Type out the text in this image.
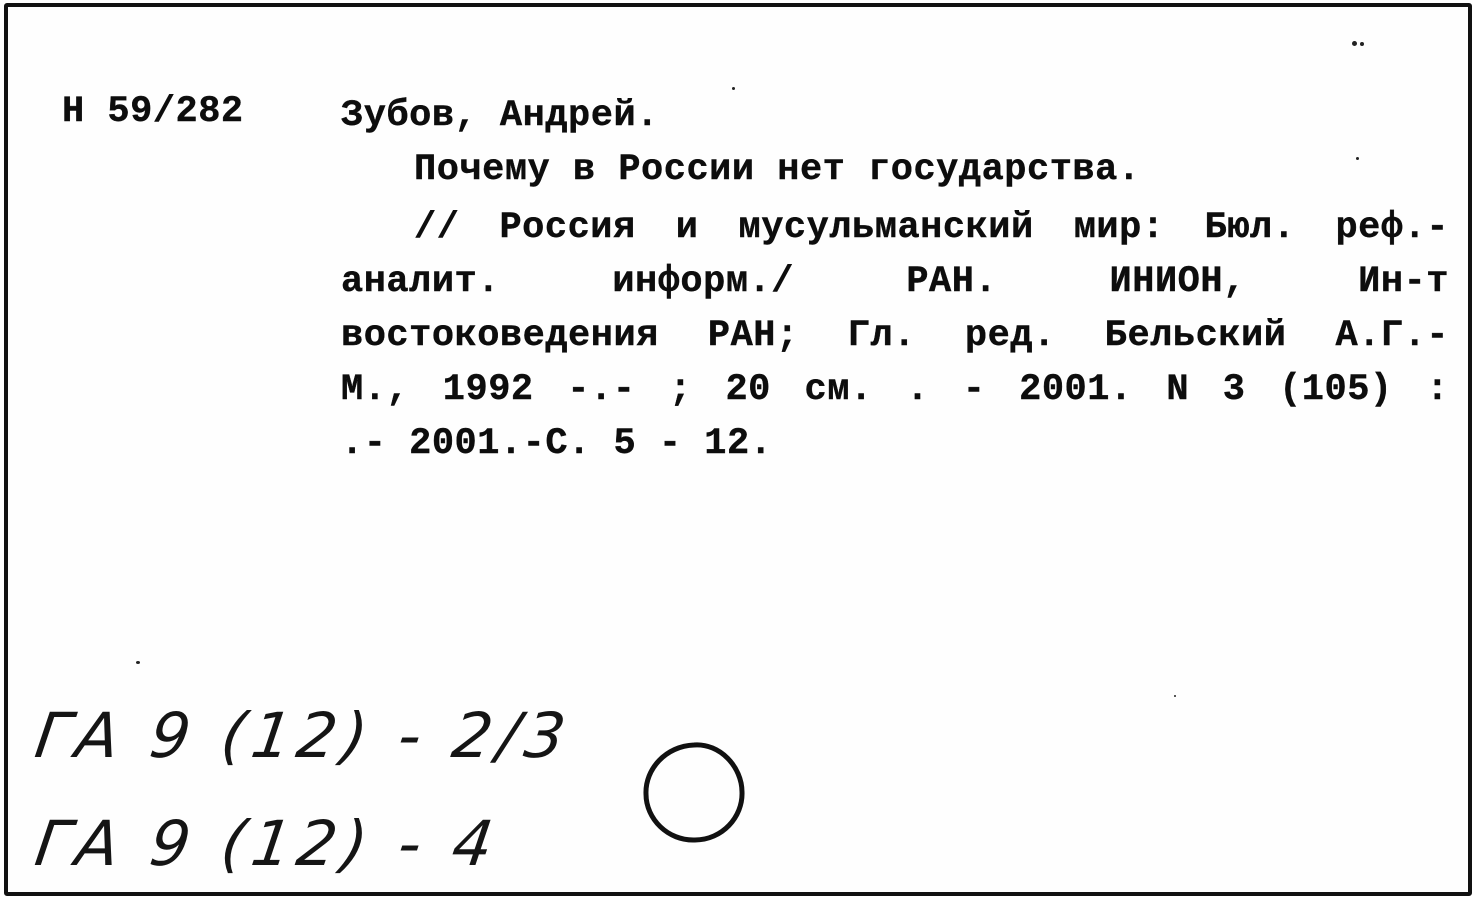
Н 59/282	Зубов, Андрей.
Почему в России нет государства.
// Россия и мусульманский мир: Бюл. реф.-
аналит. информ./ РАН. ИНИОН, Ин-т
востоковедения РАН; Гл. ред. Бельский А.Г.-
М., 1992 -.- ; 20 см. . - 2001. N 3 (105) :
.- 2001.-С. 5 - 12.
ГА 9 (12) - 2/3
ГА 9 (12) - 4
